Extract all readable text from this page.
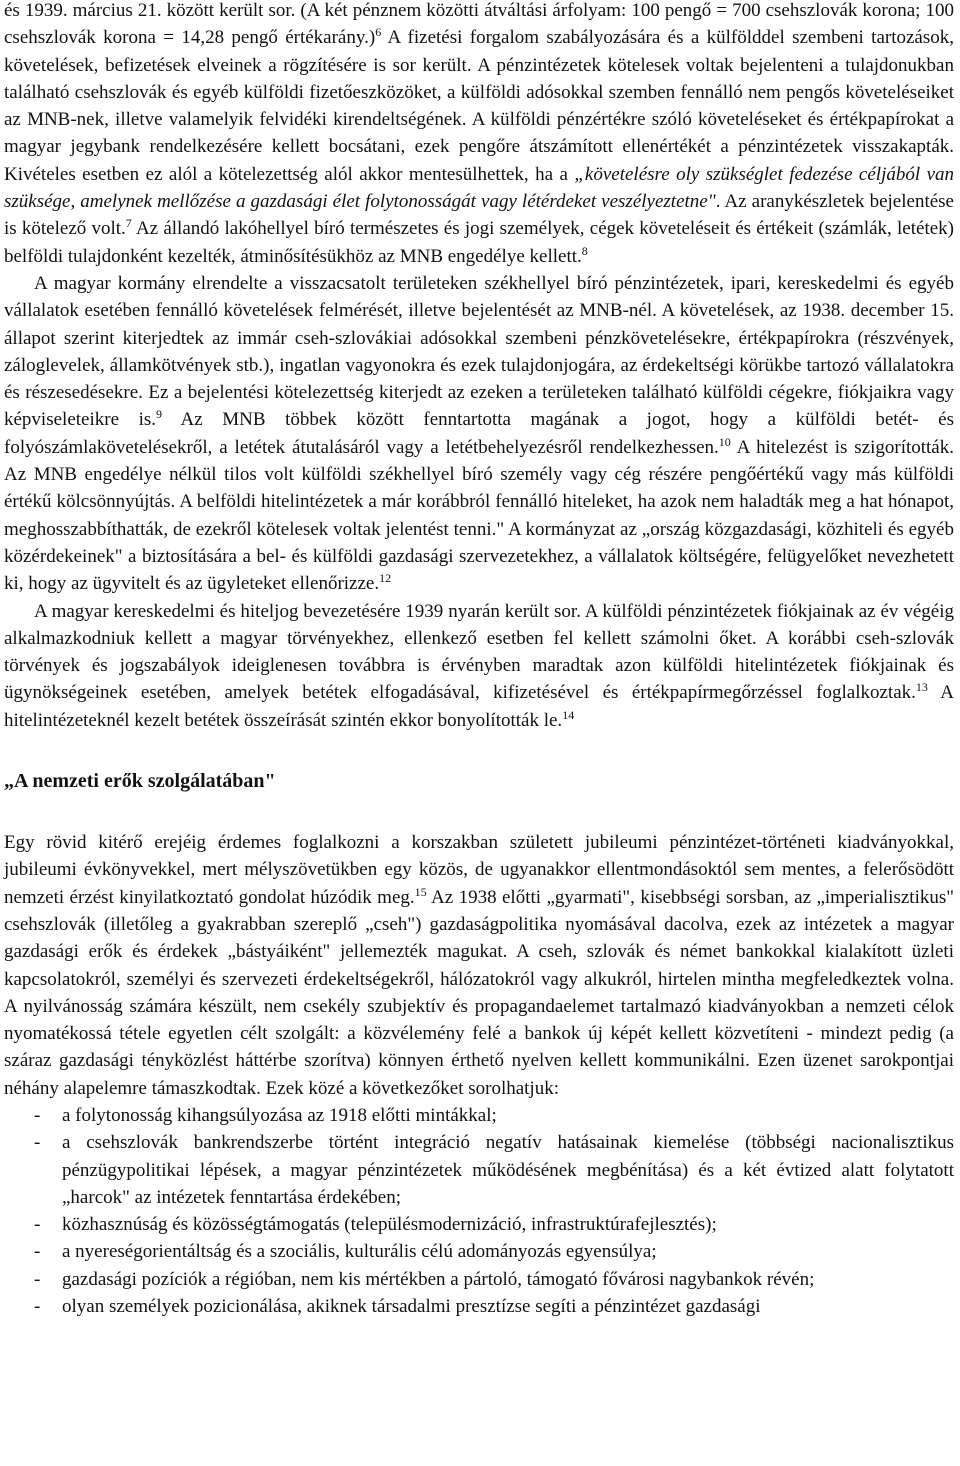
és 1939. március 21. között került sor. (A két pénznem közötti átváltási árfolyam: 100 pengő = 700 csehszlovák korona; 100 csehszlovák korona = 14,28 pengő értékarány.)$^6$ A fizetési forgalom szabályozására és a külfölddel szembeni tartozások, követelések, befizetések elveinek a rögzítésére is sor került. A pénzintézetek kötelesek voltak bejelenteni a tulajdonukban található csehszlovák és egyéb külföldi fizetőeszközöket, a külföldi adósokkal szemben fennálló nem pengős követeléseiket az MNB-nek, illetve valamelyik felvidéki kirendeltségének. A külföldi pénzértékre szóló követeléseket és értékpapírokat a magyar jegybank rendelkezésére kellett bocsátani, ezek pengőre átszámított ellenértékét a pénzintézetek visszakapták. Kivételes esetben ez alól a kötelezettség alól akkor mentesülhettek, ha a „követelésre oly szükséglet fedezése céljából van szüksége, amelynek mellőzése a gazdasági élet folytonosságát vagy létérdeket veszélyeztetne". Az aranykészletek bejelentése is kötelező volt.$^7$ Az állandó lakóhellyel bíró természetes és jogi személyek, cégek követeléseit és értékeit (számlák, letétek) belföldi tulajdonként kezelték, átminősítésükhöz az MNB engedélye kellett.$^8$

A magyar kormány elrendelte a visszacsatolt területeken székhellyel bíró pénzintézetek, ipari, kereskedelmi és egyéb vállalatok esetében fennálló követelések felmérését, illetve bejelentését az MNB-nél. A követelések, az 1938. december 15. állapot szerint kiterjedtek az immár cseh-szlovákiai adósokkal szembeni pénzkövetelésekre, értékpapírokra (részvények, záloglevelek, államkötvények stb.), ingatlan vagyonokra és ezek tulajdonjogára, az érdekeltségi körükbe tartozó vállalatokra és részesedésekre. Ez a bejelentési kötelezettség kiterjedt az ezeken a területeken található külföldi cégekre, fiókjaikra vagy képviseleteikre is.$^9$ Az MNB többek között fenntartotta magának a jogot, hogy a külföldi betét- és folyószámlakövetelésekről, a letétek átutalásáról vagy a letétbehelyezésről rendelkezhessen.$^{10}$ A hitelezést is szigorították. Az MNB engedélye nélkül tilos volt külföldi székhellyel bíró személy vagy cég részére pengőértékű vagy más külföldi értékű kölcsönnyújtás. A belföldi hitelintézetek a már korábbról fennálló hiteleket, ha azok nem haladták meg a hat hónapot, meghosszabbíthatták, de ezekről kötelesek voltak jelentést tenni." A kormányzat az „ország közgazdasági, közhiteli és egyéb közérdekeinek" a biztosítására a bel- és külföldi gazdasági szervezetekhez, a vállalatok költségére, felügyelőket nevezhetett ki, hogy az ügyvitelt és az ügyleteket ellenőrizze.$^{12}$

A magyar kereskedelmi és hiteljog bevezetésére 1939 nyarán került sor. A külföldi pénzintézetek fiókjainak az év végéig alkalmazkodniuk kellett a magyar törvényekhez, ellenkező esetben fel kellett számolni őket. A korábbi cseh-szlovák törvények és jogszabályok ideiglenesen továbbra is érvényben maradtak azon külföldi hitelintézetek fiókjainak és ügynökségeinek esetében, amelyek betétek elfogadásával, kifizetésével és értékpapírmegőrzéssel foglalkoztak.$^{13}$ A hitelintézeteknél kezelt betétek összeírását szintén ekkor bonyolították le.$^{14}$

„A nemzeti erők szolgálatában"

Egy rövid kitérő erejéig érdemes foglalkozni a korszakban született jubileumi pénzintézet-történeti kiadványokkal, jubileumi évkönyvekkel, mert mélyszövetükben egy közös, de ugyanakkor ellentmondásoktól sem mentes, a felerősödött nemzeti érzést kinyilatkoztató gondolat húzódik meg.$^{15}$ Az 1938 előtti „gyarmati", kisebbségi sorsban, az „imperialisztikus" csehszlovák (illetőleg a gyakrabban szereplő „cseh") gazdaságpolitika nyomásával dacolva, ezek az intézetek a magyar gazdasági erők és érdekek „bástyáiként" jellemezték magukat. A cseh, szlovák és német bankokkal kialakított üzleti kapcsolatokról, személyi és szervezeti érdekeltségekről, hálózatokról vagy alkukról, hirtelen mintha megfeledkeztek volna. A nyilvánosság számára készült, nem csekély szubjektív és propagandaelemet tartalmazó kiadványokban a nemzeti célok nyomatékossá tétele egyetlen célt szolgált: a közvélemény felé a bankok új képét kellett közvetíteni - mindezt pedig (a száraz gazdasági tényközlést háttérbe szorítva) könnyen érthető nyelven kellett kommunikálni. Ezen üzenet sarokpontjai néhány alapelemre támaszkodtak. Ezek közé a következőket sorolhatjuk:

-	a folytonosság kihangsúlyozása az 1918 előtti mintákkal;
-	a csehszlovák bankrendszerbe történt integráció negatív hatásainak kiemelése (többségi nacionalisztikus pénzügypolitikai lépések, a magyar pénzintézetek működésének megbénítása) és a két évtized alatt folytatott „harcok" az intézetek fenntartása érdekében;
-	közhasznúság és közösségtámogatás (településmodernizáció, infrastruktúrafejlesztés);
-	a nyereségorientáltság és a szociális, kulturális célú adományozás egyensúlya;
-	gazdasági pozíciók a régióban, nem kis mértékben a pártoló, támogató fővárosi nagybankok révén;
-	olyan személyek pozicionálása, akiknek társadalmi presztízse segíti a pénzintézet gazdasági
